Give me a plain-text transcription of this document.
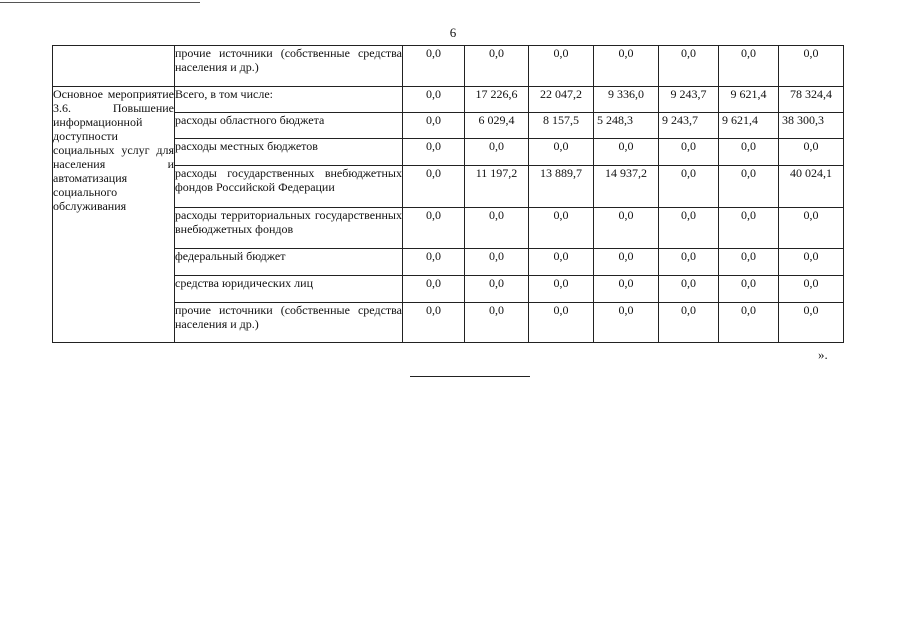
6
	прочие источники (собственные средства населения и др.)	0,0	0,0	0,0	0,0	0,0	0,0	0,0
Основное мероприятие 3.6. Повышение информационной доступности социальных услуг для населения и автоматизация социального обслуживания	Всего, в том числе:	0,0	17 226,6	22 047,2	9 336,0	9 243,7	9 621,4	78 324,4
	расходы областного бюджета	0,0	6 029,4	8 157,5	5 248,3	9 243,7	9 621,4	38 300,3
	расходы местных бюджетов	0,0	0,0	0,0	0,0	0,0	0,0	0,0
	расходы государственных внебюджетных фондов Российской Федерации	0,0	11 197,2	13 889,7	14 937,2	0,0	0,0	40 024,1
	расходы территориальных государственных внебюджетных фондов	0,0	0,0	0,0	0,0	0,0	0,0	0,0
	федеральный бюджет	0,0	0,0	0,0	0,0	0,0	0,0	0,0
	средства юридических лиц	0,0	0,0	0,0	0,0	0,0	0,0	0,0
	прочие источники (собственные средства населения и др.)	0,0	0,0	0,0	0,0	0,0	0,0	0,0
».
